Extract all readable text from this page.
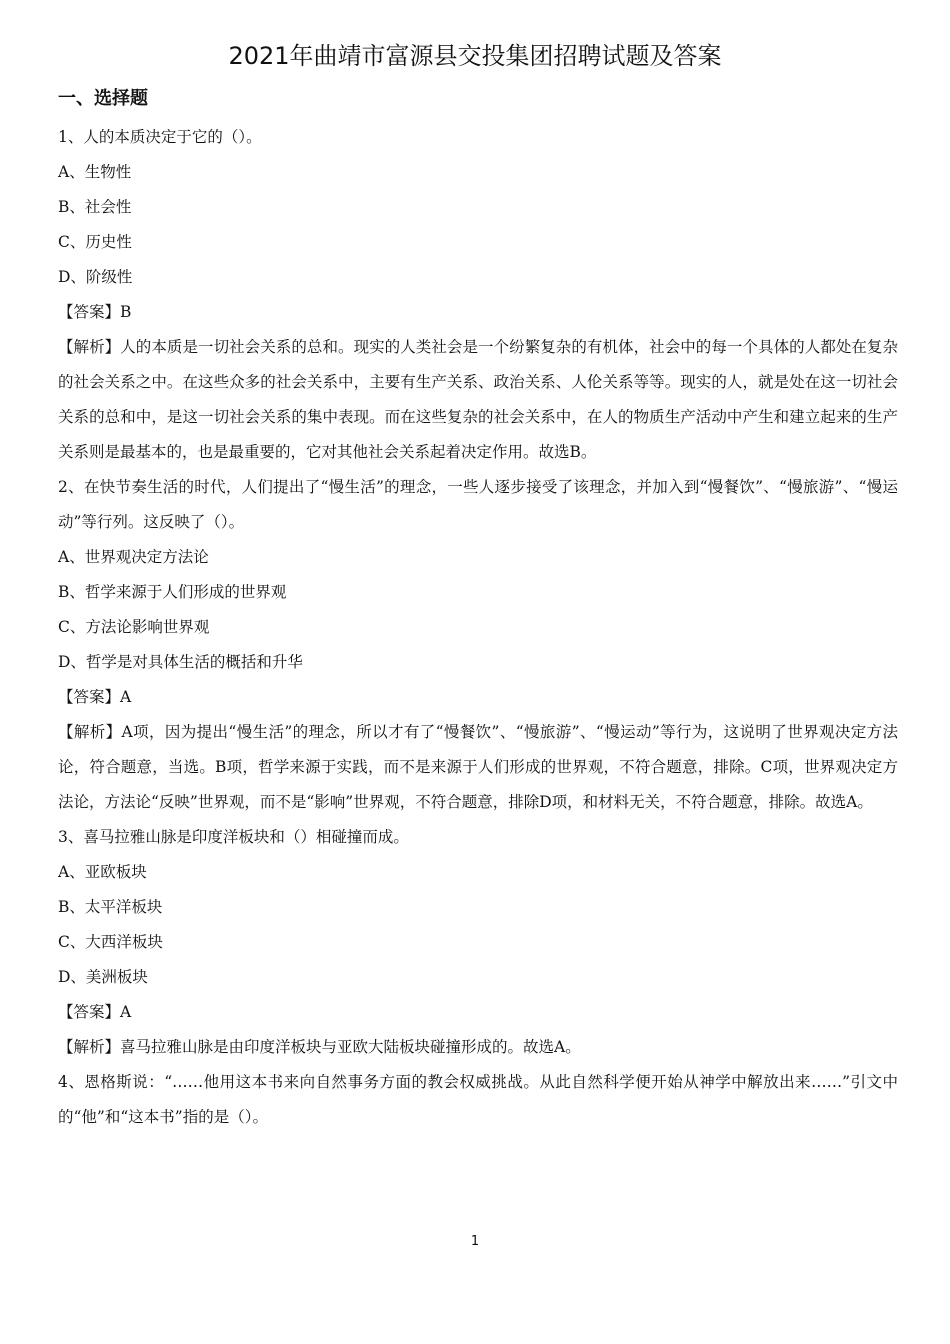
2021年曲靖市富源县交投集团招聘试题及答案
一、选择题
1、人的本质决定于它的（）。
A、生物性
B、社会性
C、历史性
D、阶级性
【答案】B
【解析】人的本质是一切社会关系的总和。现实的人类社会是一个纷繁复杂的有机体，社会中的每一个具体的人都处在复杂的社会关系之中。在这些众多的社会关系中，主要有生产关系、政治关系、人伦关系等等。现实的人，就是处在这一切社会关系的总和中，是这一切社会关系的集中表现。而在这些复杂的社会关系中，在人的物质生产活动中产生和建立起来的生产关系则是最基本的，也是最重要的，它对其他社会关系起着决定作用。故选B。
2、在快节奏生活的时代，人们提出了“慢生活”的理念，一些人逐步接受了该理念，并加入到“慢餐饮”、“慢旅游”、“慢运动”等行列。这反映了（）。
A、世界观决定方法论
B、哲学来源于人们形成的世界观
C、方法论影响世界观
D、哲学是对具体生活的概括和升华
【答案】A
【解析】A项，因为提出“慢生活”的理念，所以才有了“慢餐饮”、“慢旅游”、“慢运动”等行为，这说明了世界观决定方法论，符合题意，当选。B项，哲学来源于实践，而不是来源于人们形成的世界观，不符合题意，排除。C项，世界观决定方法论，方法论“反映”世界观，而不是“影响”世界观，不符合题意，排除D项，和材料无关，不符合题意，排除。故选A。
3、喜马拉雅山脉是印度洋板块和（）相碰撞而成。
A、亚欧板块
B、太平洋板块
C、大西洋板块
D、美洲板块
【答案】A
【解析】喜马拉雅山脉是由印度洋板块与亚欧大陆板块碰撞形成的。故选A。
4、恩格斯说：“……他用这本书来向自然事务方面的教会权威挑战。从此自然科学便开始从神学中解放出来……”引文中的“他”和“这本书”指的是（）。
1
